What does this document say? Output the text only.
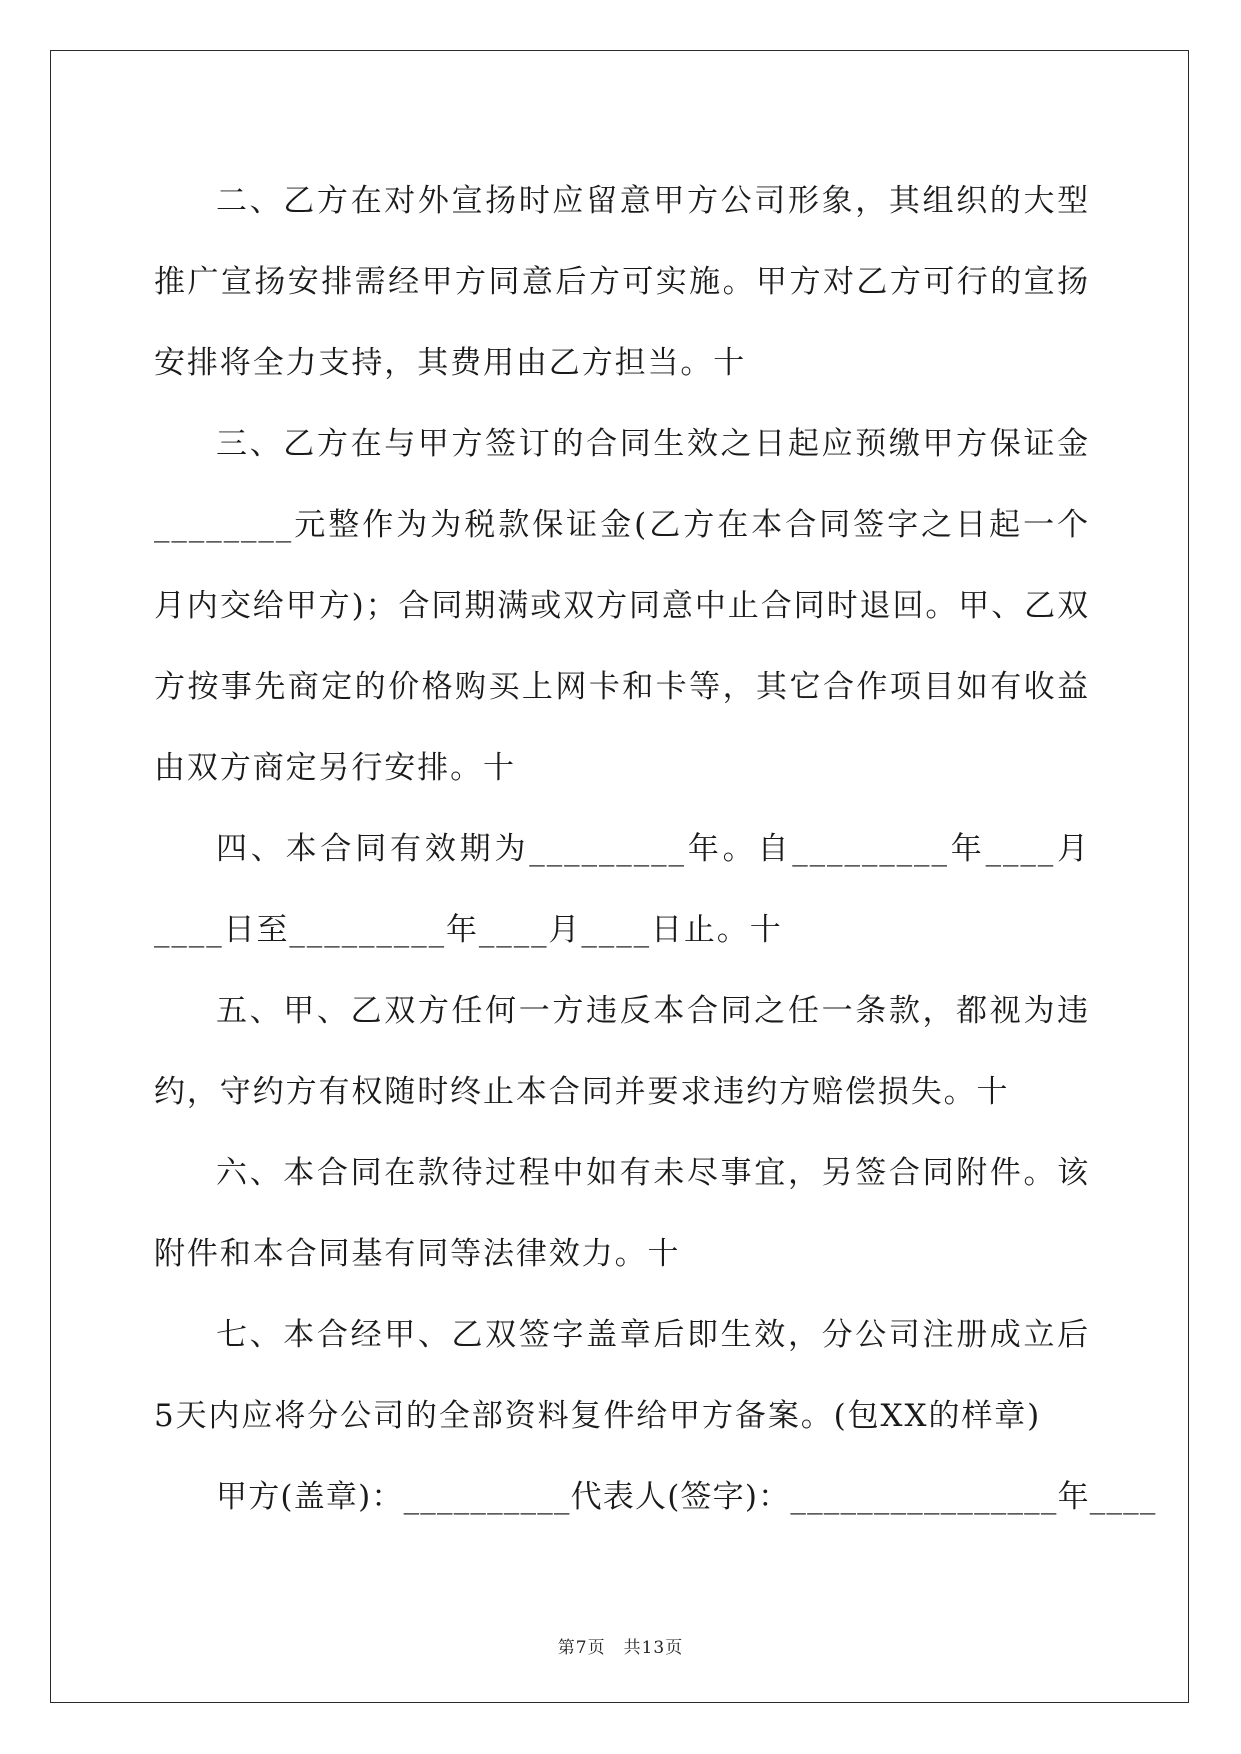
二、乙方在对外宣扬时应留意甲方公司形象，其组织的大型推广宣扬安排需经甲方同意后方可实施。甲方对乙方可行的宣扬安排将全力支持，其费用由乙方担当。十

三、乙方在与甲方签订的合同生效之日起应预缴甲方保证金________元整作为为税款保证金(乙方在本合同签字之日起一个月内交给甲方)；合同期满或双方同意中止合同时退回。甲、乙双方按事先商定的价格购买上网卡和卡等，其它合作项目如有收益由双方商定另行安排。十

四、本合同有效期为_________年。自_________年____月____日至_________年____月____日止。十

五、甲、乙双方任何一方违反本合同之任一条款，都视为违约，守约方有权随时终止本合同并要求违约方赔偿损失。十

六、本合同在款待过程中如有未尽事宜，另签合同附件。该附件和本合同基有同等法律效力。十

七、本合经甲、乙双签字盖章后即生效，分公司注册成立后5天内应将分公司的全部资料复件给甲方备案。(包XX的样章)

甲方(盖章)：__________代表人(签字)：________________年____

第7页　共13页
